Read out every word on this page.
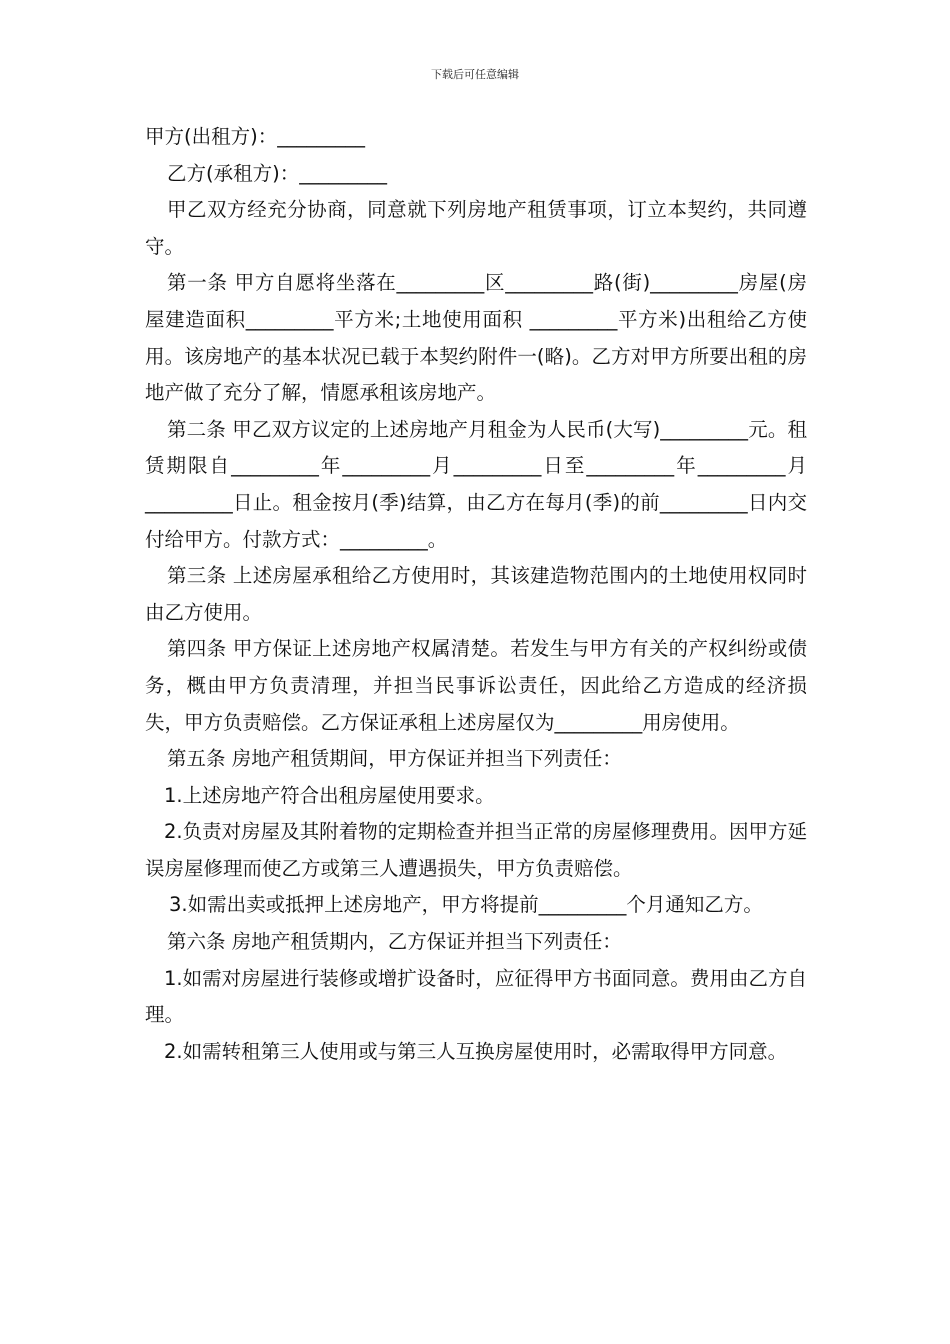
下载后可任意编辑

甲方(出租方)：_________

乙方(承租方)：_________

甲乙双方经充分协商，同意就下列房地产租赁事项，订立本契约，共同遵守。

第一条 甲方自愿将坐落在_________区_________路(街)_________房屋(房屋建造面积_________平方米;土地使用面积 _________平方米)出租给乙方使用。该房地产的基本状况已载于本契约附件一(略)。乙方对甲方所要出租的房地产做了充分了解，情愿承租该房地产。

第二条 甲乙双方议定的上述房地产月租金为人民币(大写)_________元。租赁期限自_________年_________月_________日至_________年_________月_________日止。租金按月(季)结算，由乙方在每月(季)的前_________日内交付给甲方。付款方式：_________。

第三条 上述房屋承租给乙方使用时，其该建造物范围内的土地使用权同时由乙方使用。

第四条 甲方保证上述房地产权属清楚。若发生与甲方有关的产权纠纷或债务，概由甲方负责清理，并担当民事诉讼责任，因此给乙方造成的经济损失，甲方负责赔偿。乙方保证承租上述房屋仅为_________用房使用。

第五条 房地产租赁期间，甲方保证并担当下列责任：

1.上述房地产符合出租房屋使用要求。

2.负责对房屋及其附着物的定期检查并担当正常的房屋修理费用。因甲方延误房屋修理而使乙方或第三人遭遇损失，甲方负责赔偿。

3.如需出卖或抵押上述房地产，甲方将提前_________个月通知乙方。

第六条 房地产租赁期内，乙方保证并担当下列责任：

1.如需对房屋进行装修或增扩设备时，应征得甲方书面同意。费用由乙方自理。

2.如需转租第三人使用或与第三人互换房屋使用时，必需取得甲方同意。
